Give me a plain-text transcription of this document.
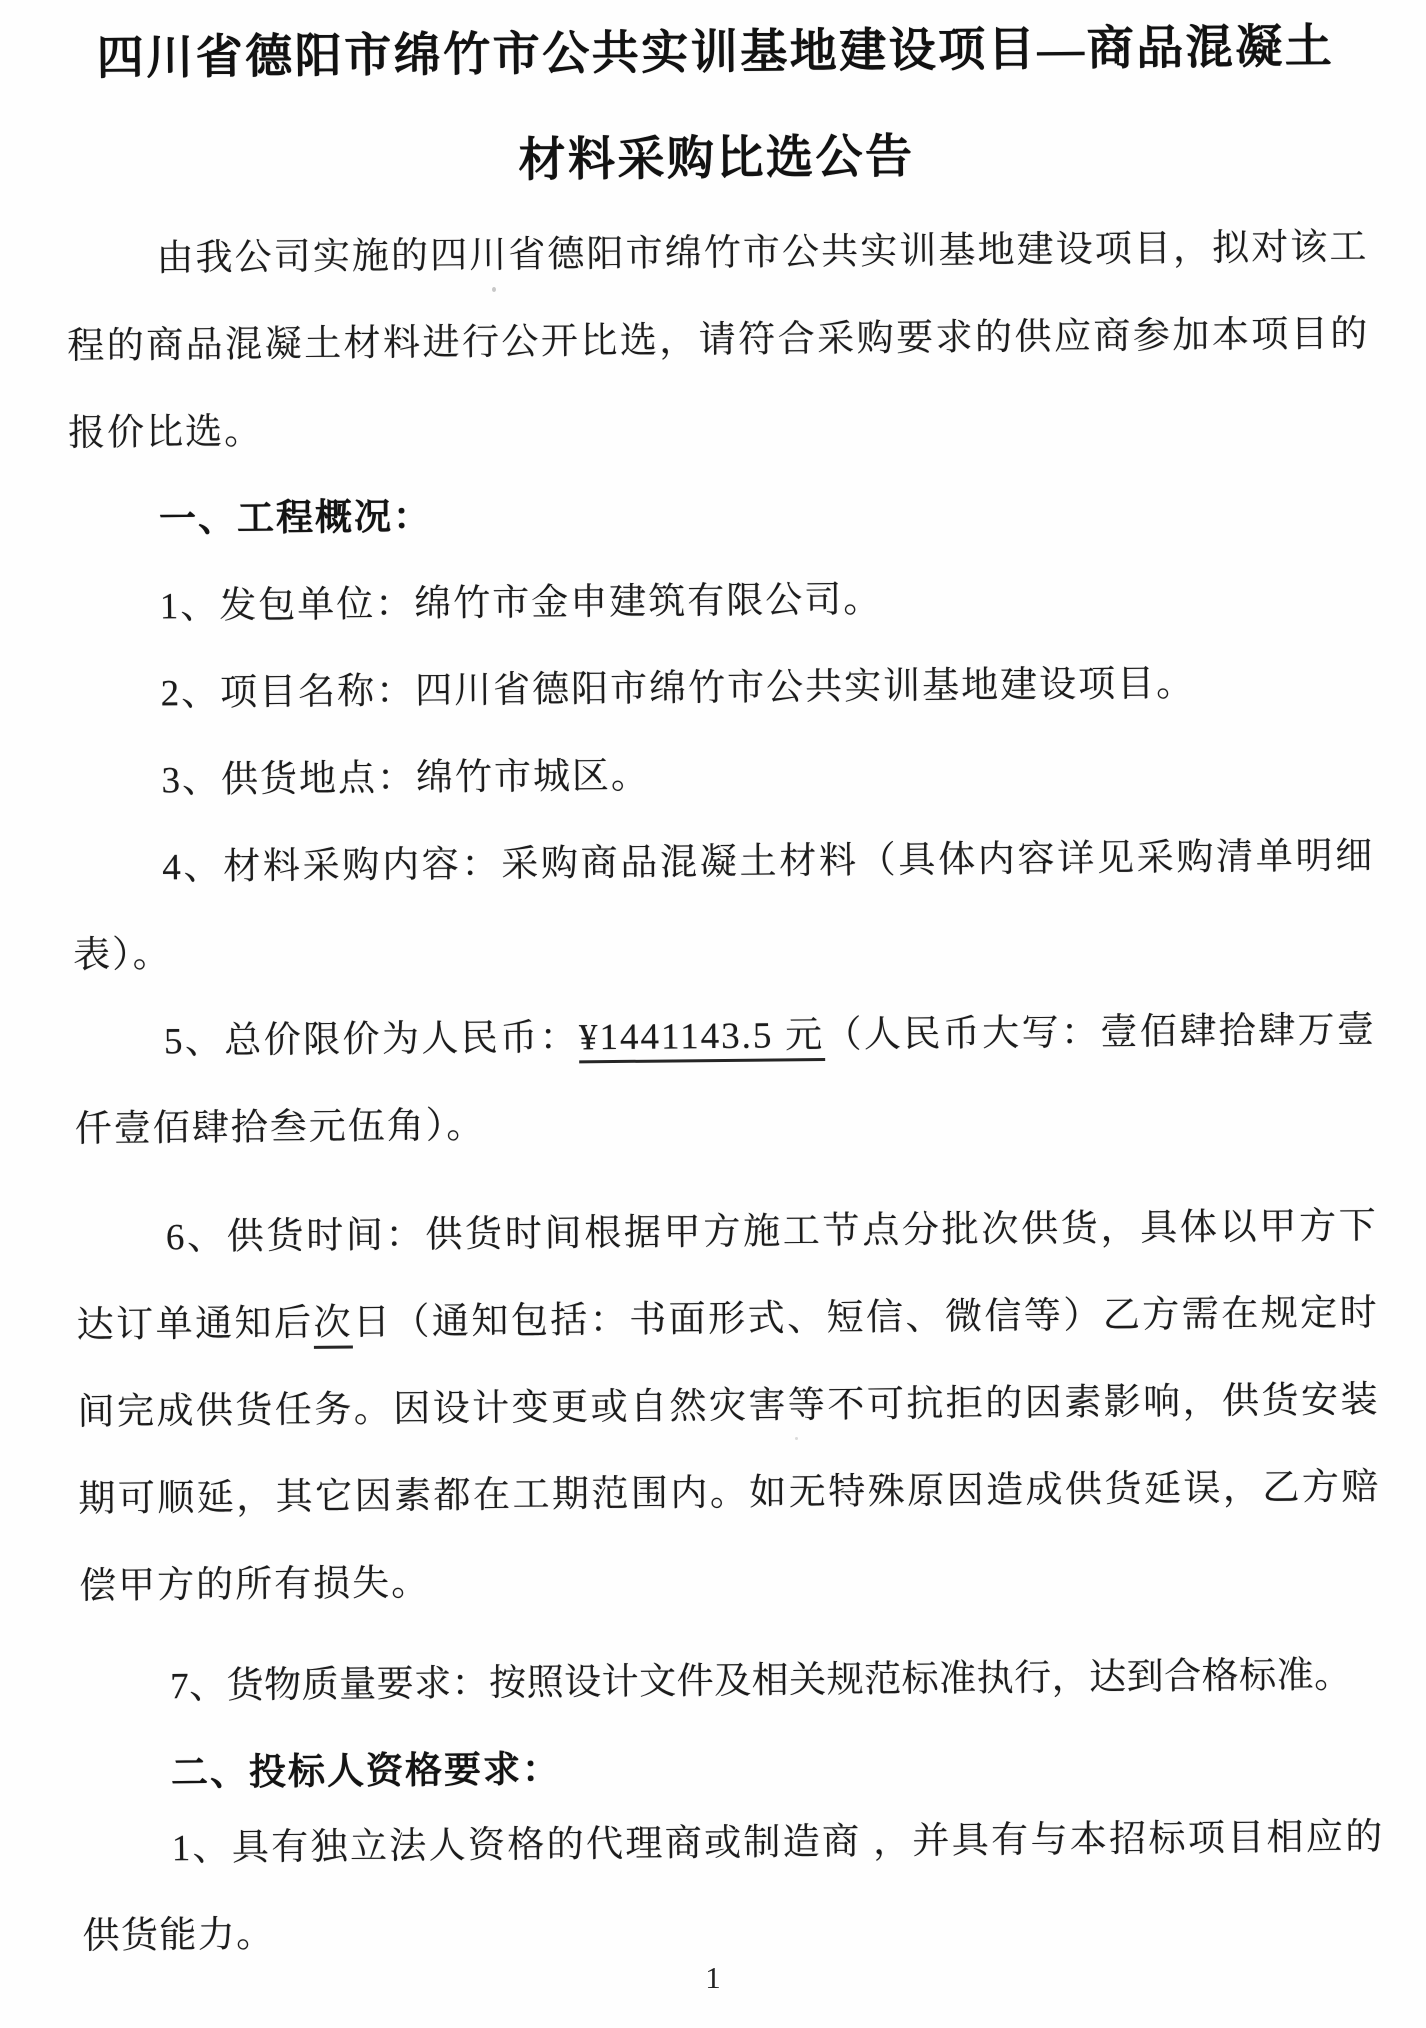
四川省德阳市绵竹市公共实训基地建设项目—商品混凝土
材料采购比选公告
由我公司实施的四川省德阳市绵竹市公共实训基地建设项目，拟对该工程的商品混凝土材料进行公开比选，请符合采购要求的供应商参加本项目的报价比选。
一、工程概况：
1、发包单位：绵竹市金申建筑有限公司。
2、项目名称：四川省德阳市绵竹市公共实训基地建设项目。
3、供货地点：绵竹市城区。
4、材料采购内容：采购商品混凝土材料（具体内容详见采购清单明细表）。
5、总价限价为人民币：¥1441143.5 元（人民币大写：壹佰肆拾肆万壹仟壹佰肆拾叁元伍角）。
6、供货时间：供货时间根据甲方施工节点分批次供货，具体以甲方下达订单通知后次日（通知包括：书面形式、短信、微信等）乙方需在规定时间完成供货任务。因设计变更或自然灾害等不可抗拒的因素影响，供货安装期可顺延，其它因素都在工期范围内。如无特殊原因造成供货延误，乙方赔偿甲方的所有损失。
7、货物质量要求：按照设计文件及相关规范标准执行，达到合格标准。
二、投标人资格要求：
1、具有独立法人资格的代理商或制造商 ，并具有与本招标项目相应的供货能力。
1
